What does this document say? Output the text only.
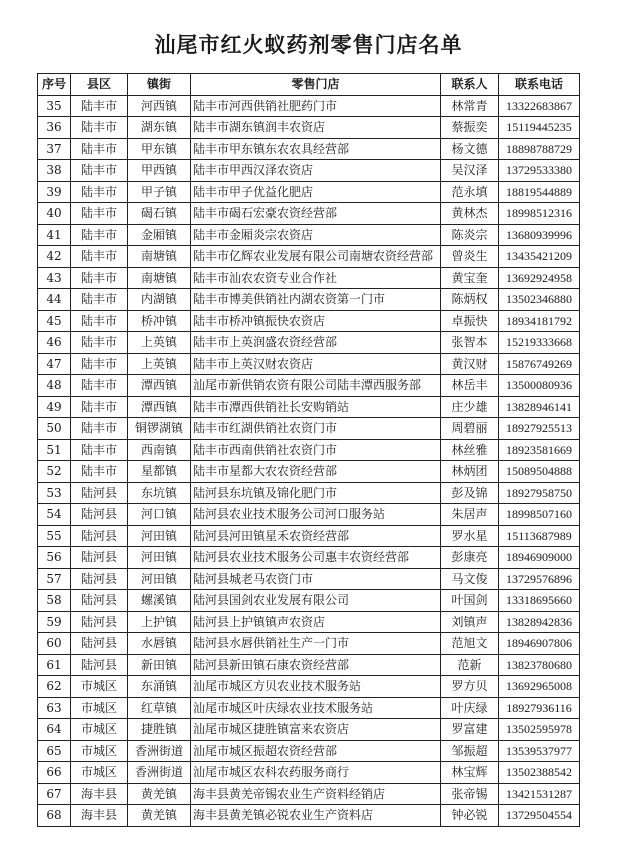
汕尾市红火蚁药剂零售门店名单
序号	县区	镇街	零售门店	联系人	联系电话
35	陆丰市	河西镇	陆丰市河西供销社肥药门市	林常青	13322683867
36	陆丰市	湖东镇	陆丰市湖东镇润丰农资店	蔡振奕	15119445235
37	陆丰市	甲东镇	陆丰市甲东镇东农农具经营部	杨文德	18898788729
38	陆丰市	甲西镇	陆丰市甲西汉泽农资店	吴汉泽	13729533380
39	陆丰市	甲子镇	陆丰市甲子优益化肥店	范永填	18819544889
40	陆丰市	碣石镇	陆丰市碣石宏豪农资经营部	黄林杰	18998512316
41	陆丰市	金厢镇	陆丰市金厢炎宗农资店	陈炎宗	13680939996
42	陆丰市	南塘镇	陆丰市亿辉农业发展有限公司南塘农资经营部	曾炎生	13435421209
43	陆丰市	南塘镇	陆丰市汕农农资专业合作社	黄宝奎	13692924958
44	陆丰市	内湖镇	陆丰市博美供销社内湖农资第一门市	陈炳权	13502346880
45	陆丰市	桥冲镇	陆丰市桥冲镇振快农资店	卓振快	18934181792
46	陆丰市	上英镇	陆丰市上英润盛农资经营部	张智本	15219333668
47	陆丰市	上英镇	陆丰市上英汉财农资店	黄汉财	15876749269
48	陆丰市	潭西镇	汕尾市新供销农资有限公司陆丰潭西服务部	林岳丰	13500080936
49	陆丰市	潭西镇	陆丰市潭西供销社长安购销站	庄少雄	13828946141
50	陆丰市	铜锣湖镇	陆丰市红湖供销社农资门市	周碧丽	18927925513
51	陆丰市	西南镇	陆丰市西南供销社农资门市	林丝雅	18923581669
52	陆丰市	星都镇	陆丰市星都大农农资经营部	林炳团	15089504888
53	陆河县	东坑镇	陆河县东坑镇及锦化肥门市	彭及锦	18927958750
54	陆河县	河口镇	陆河县农业技术服务公司河口服务站	朱居声	18998507160
55	陆河县	河田镇	陆河县河田镇星禾农资经营部	罗水星	15113687989
56	陆河县	河田镇	陆河县农业技术服务公司惠丰农资经营部	彭康亮	18946909000
57	陆河县	河田镇	陆河县城老马农资门市	马文俊	13729576896
58	陆河县	螺溪镇	陆河县国剑农业发展有限公司	叶国剑	13318695660
59	陆河县	上护镇	陆河县上护镇镇声农资店	刘镇声	13828942836
60	陆河县	水唇镇	陆河县水唇供销社生产一门市	范旭文	18946907806
61	陆河县	新田镇	陆河县新田镇石康农资经营部	范新	13823780680
62	市城区	东涌镇	汕尾市城区方贝农业技术服务站	罗方贝	13692965008
63	市城区	红草镇	汕尾市城区叶庆绿农业技术服务站	叶庆绿	18927936116
64	市城区	捷胜镇	汕尾市城区捷胜镇富来农资店	罗富建	13502595978
65	市城区	香洲街道	汕尾市城区振超农资经营部	邹振超	13539537977
66	市城区	香洲街道	汕尾市城区农科农药服务商行	林宝辉	13502388542
67	海丰县	黄羌镇	海丰县黄羌帝锡农业生产资料经销店	张帝锡	13421531287
68	海丰县	黄羌镇	海丰县黄羌镇必锐农业生产资料店	钟必锐	13729504554
